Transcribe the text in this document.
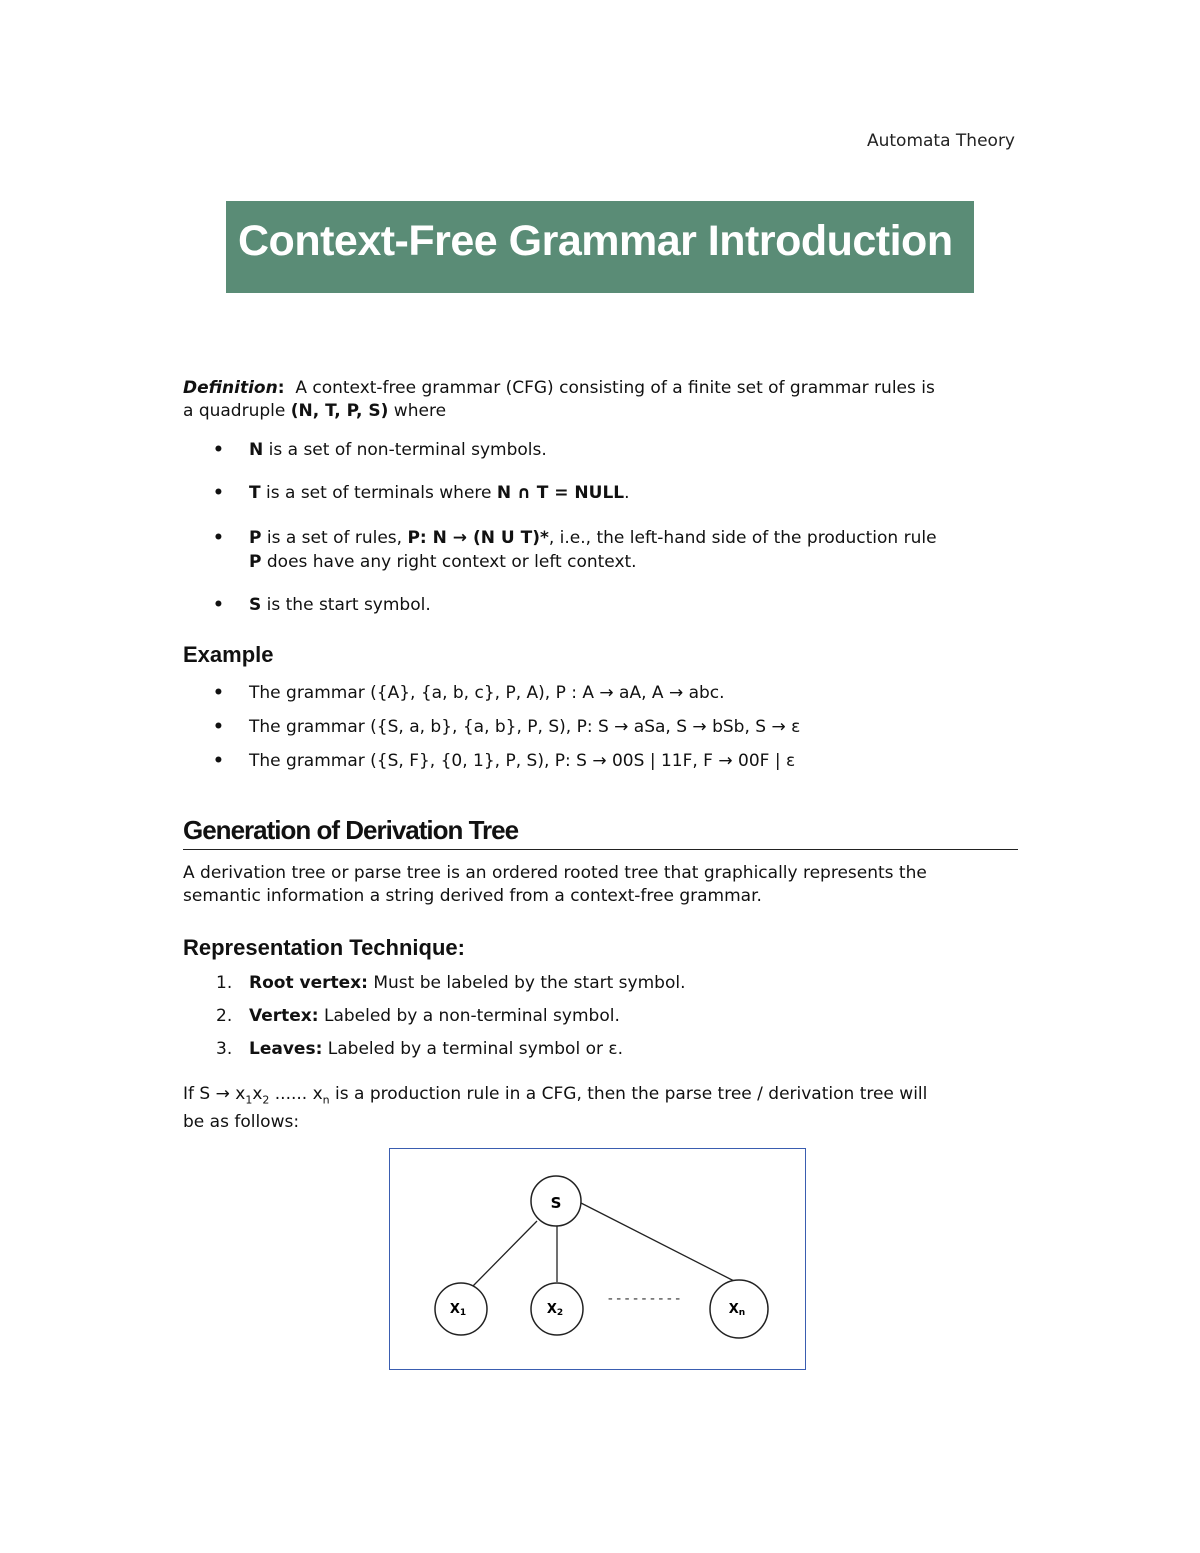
Automata Theory
Context-Free Grammar Introduction
Definition: A context-free grammar (CFG) consisting of a finite set of grammar rules is
a quadruple (N, T, P, S) where
• N is a set of non-terminal symbols.
• T is a set of terminals where N ∩ T = NULL.
• P is a set of rules, P: N → (N U T)*, i.e., the left-hand side of the production rule
P does have any right context or left context.
• S is the start symbol.
Example
• The grammar ({A}, {a, b, c}, P, A), P : A → aA, A → abc.
• The grammar ({S, a, b}, {a, b}, P, S), P: S → aSa, S → bSb, S → ε
• The grammar ({S, F}, {0, 1}, P, S), P: S → 00S | 11F, F → 00F | ε
Generation of Derivation Tree
A derivation tree or parse tree is an ordered rooted tree that graphically represents the
semantic information a string derived from a context-free grammar.
Representation Technique:
1. Root vertex: Must be labeled by the start symbol.
2. Vertex: Labeled by a non-terminal symbol.
3. Leaves: Labeled by a terminal symbol or ε.
If $S \to x_1x_2$ ...... $x_n$ is a production rule in a CFG, then the parse tree / derivation tree will
be as follows:
S
X1	X2	Xn
---------
